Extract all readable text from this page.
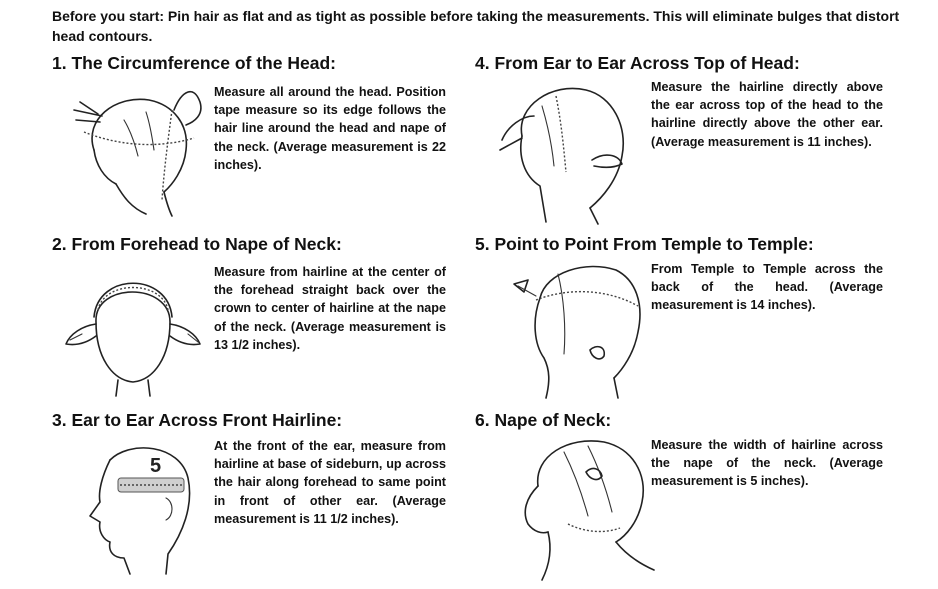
Before you start: Pin hair as flat and as tight as possible before taking the measurements. This will eliminate bulges that distort head contours.
1. The Circumference of the Head:

Measure all around the head. Position tape measure so its edge follows the hair line around the head and nape of the neck. (Average measurement is 22 inches).

2. From Forehead to Nape of Neck:

Measure from hairline at the center of the forehead straight back over the crown to center of hairline at the nape of the neck. (Average measurement is 13 1/2 inches).

3. Ear to Ear Across Front Hairline:
5

At the front of the ear, measure from hairline at base of sideburn, up across the hair along forehead to same point in front of other ear. (Average measurement is 11 1/2 inches).

4. From Ear to Ear Across Top of Head:

Measure the hairline directly above the ear across top of the head to the hairline directly above the other ear. (Average measurement is 11 inches).

5. Point to Point From Temple to Temple:

From Temple to Temple across the back of the head. (Average measurement is 14 inches).

6. Nape of Neck:

Measure the width of hairline across the nape of the neck. (Average measurement is 5 inches).
